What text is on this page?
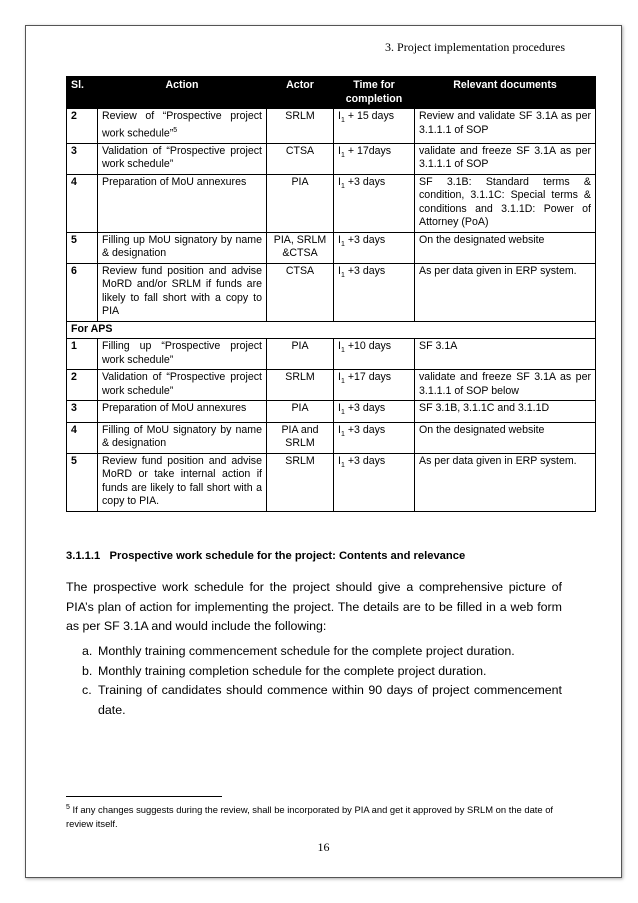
3. Project implementation procedures
Sl.	Action	Actor	Time for completion	Relevant documents
2	Review of “Prospective project work schedule”$^5$	SRLM	$I_1 + 15$ days	Review and validate SF 3.1A as per 3.1.1.1 of SOP
3	Validation of “Prospective project work schedule”	CTSA	$I_1$ + 17days	validate and freeze SF 3.1A as per 3.1.1.1 of SOP
4	Preparation of MoU annexures	PIA	$I_1 +3$ days	SF 3.1B: Standard terms & condition, 3.1.1C: Special terms & conditions and 3.1.1D: Power of Attorney (PoA)
5	Filling up MoU signatory by name & designation	PIA, SRLM &CTSA	$I_1 +3$ days	On the designated website
6	Review fund position and advise MoRD and/or SRLM if funds are likely to fall short with a copy to PIA	CTSA	$I_1 +3$ days	As per data given in ERP system.
For APS				
1	Filling up “Prospective project work schedule”	PIA	$I_1 +10$ days	SF 3.1A
2	Validation of “Prospective project work schedule”	SRLM	$I_1 +17$ days	validate and freeze SF 3.1A as per 3.1.1.1 of SOP below
3	Preparation of MoU annexures	PIA	$I_1 +3$ days	SF 3.1B, 3.1.1C and 3.1.1D
4	Filling of MoU signatory by name & designation	PIA and SRLM	$I_1 +3$ days	On the designated website
5	Review fund position and advise MoRD or take internal action if funds are likely to fall short with a copy to PIA.	SRLM	$I_1 +3$ days	As per data given in ERP system.
3.1.1.1 Prospective work schedule for the project: Contents and relevance
The prospective work schedule for the project should give a comprehensive picture of PIA’s plan of action for implementing the project. The details are to be filled in a web form as per SF 3.1A and would include the following:
a. Monthly training commencement schedule for the complete project duration.
b. Monthly training completion schedule for the complete project duration.
c. Training of candidates should commence within 90 days of project commencement date.
$^5$ If any changes suggests during the review, shall be incorporated by PIA and get it approved by SRLM on the date of review itself.
16
